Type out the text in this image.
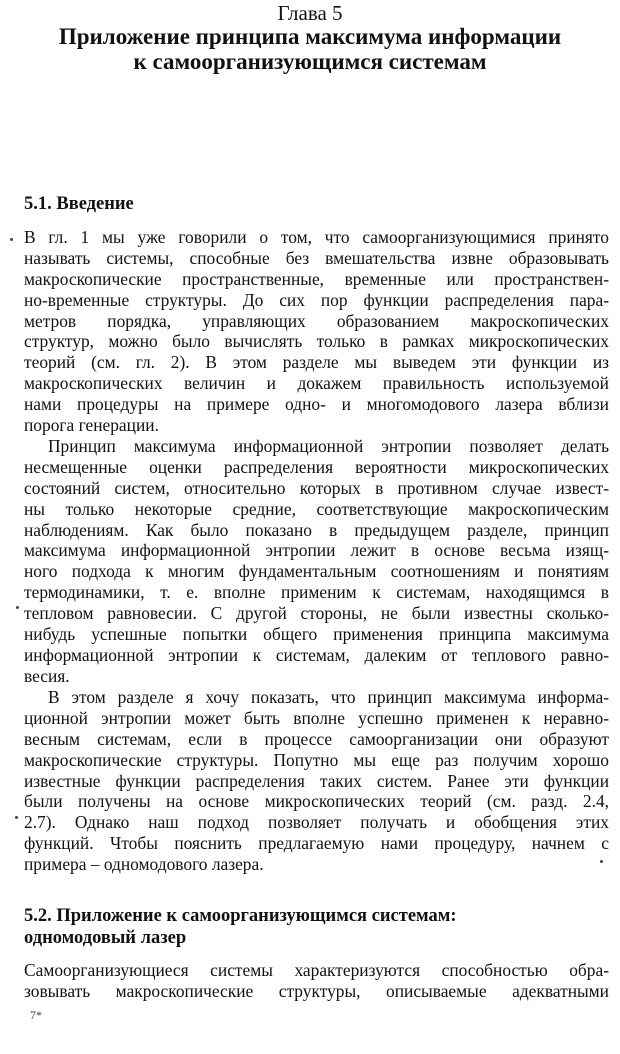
Глава 5
Приложение принципа максимума информации
к самоорганизующимся системам
5.1. Введение
В гл. 1 мы уже говорили о том, что самоорганизующимися принято
называть системы, способные без вмешательства извне образовывать
макроскопические пространственные, временные или пространствен-
но-временные структуры. До сих пор функции распределения пара-
метров порядка, управляющих образованием макроскопических
структур, можно было вычислять только в рамках микроскопических
теорий (см. гл. 2). В этом разделе мы выведем эти функции из
макроскопических величин и докажем правильность используемой
нами процедуры на примере одно- и многомодового лазера вблизи
порога генерации.
Принцип максимума информационной энтропии позволяет делать
несмещенные оценки распределения вероятности микроскопических
состояний систем, относительно которых в противном случае извест-
ны только некоторые средние, соответствующие макроскопическим
наблюдениям. Как было показано в предыдущем разделе, принцип
максимума информационной энтропии лежит в основе весьма изящ-
ного подхода к многим фундаментальным соотношениям и понятиям
термодинамики, т. е. вполне применим к системам, находящимся в
тепловом равновесии. С другой стороны, не были известны сколько-
нибудь успешные попытки общего применения принципа максимума
информационной энтропии к системам, далеким от теплового равно-
весия.
В этом разделе я хочу показать, что принцип максимума информа-
ционной энтропии может быть вполне успешно применен к неравно-
весным системам, если в процессе самоорганизации они образуют
макроскопические структуры. Попутно мы еще раз получим хорошо
известные функции распределения таких систем. Ранее эти функции
были получены на основе микроскопических теорий (см. разд. 2.4,
2.7). Однако наш подход позволяет получать и обобщения этих
функций. Чтобы пояснить предлагаемую нами процедуру, начнем с
примера – одномодового лазера.
5.2. Приложение к самоорганизующимся системам:
одномодовый лазер
Самоорганизующиеся системы характеризуются способностью обра-
зовывать макроскопические структуры, описываемые адекватными
7*
